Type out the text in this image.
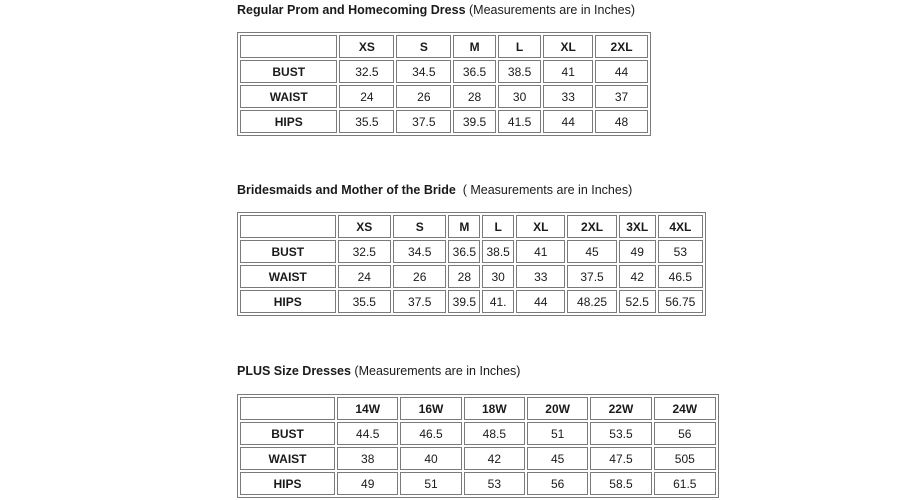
Regular Prom and Homecoming Dress (Measurements are in Inches)
	XS	S	M	L	XL	2XL
BUST	32.5	34.5	36.5	38.5	41	44
WAIST	24	26	28	30	33	37
HIPS	35.5	37.5	39.5	41.5	44	48
Bridesmaids and Mother of the Bride  ( Measurements are in Inches)
	XS	S	M	L	XL	2XL	3XL	4XL
BUST	32.5	34.5	36.5	38.5	41	45	49	53
WAIST	24	26	28	30	33	37.5	42	46.5
HIPS	35.5	37.5	39.5	41.	44	48.25	52.5	56.75
PLUS Size Dresses (Measurements are in Inches)
	14W	16W	18W	20W	22W	24W
BUST	44.5	46.5	48.5	51	53.5	56
WAIST	38	40	42	45	47.5	505
HIPS	49	51	53	56	58.5	61.5
